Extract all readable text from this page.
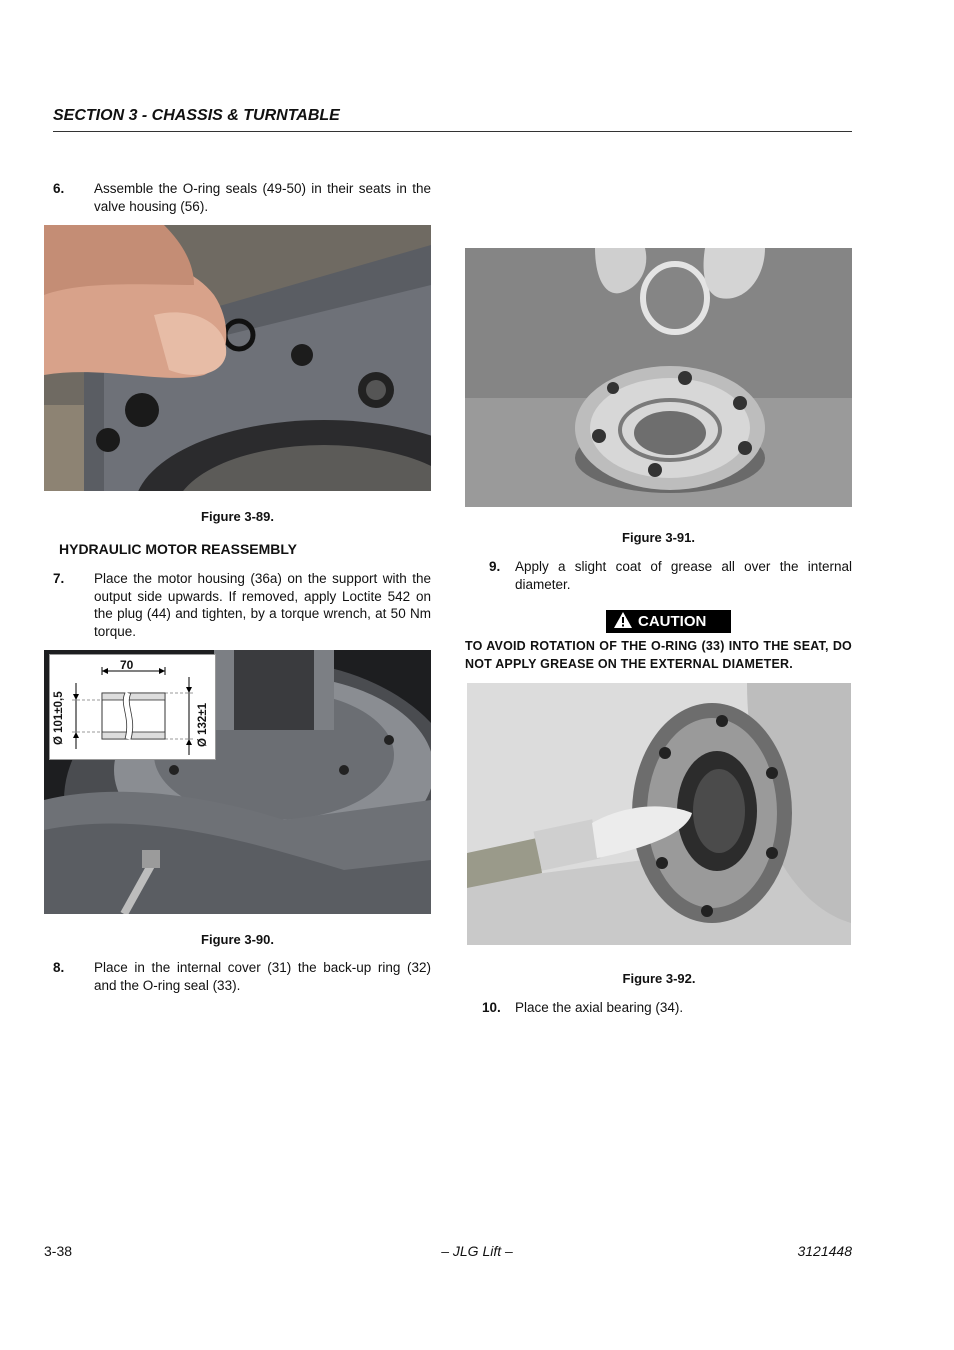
SECTION 3 - CHASSIS & TURNTABLE
6. Assemble the O-ring seals (49-50) in their seats in the valve housing (56).
Figure 3-89.
HYDRAULIC MOTOR REASSEMBLY
7. Place the motor housing (36a) on the support with the output side upwards. If removed, apply Loctite 542 on the plug (44) and tighten, by a torque wrench, at 50 Nm torque.
70
Ø 101±0,5	Ø 132±1
Figure 3-90.
8. Place in the internal cover (31) the back-up ring (32) and the O-ring seal (33).
Figure 3-91.
9. Apply a slight coat of grease all over the internal diameter.
CAUTION
TO AVOID ROTATION OF THE O-RING (33) INTO THE SEAT, DO NOT APPLY GREASE ON THE EXTERNAL DIAMETER.
Figure 3-92.
10. Place the axial bearing (34).
3-38	– JLG Lift –	3121448
